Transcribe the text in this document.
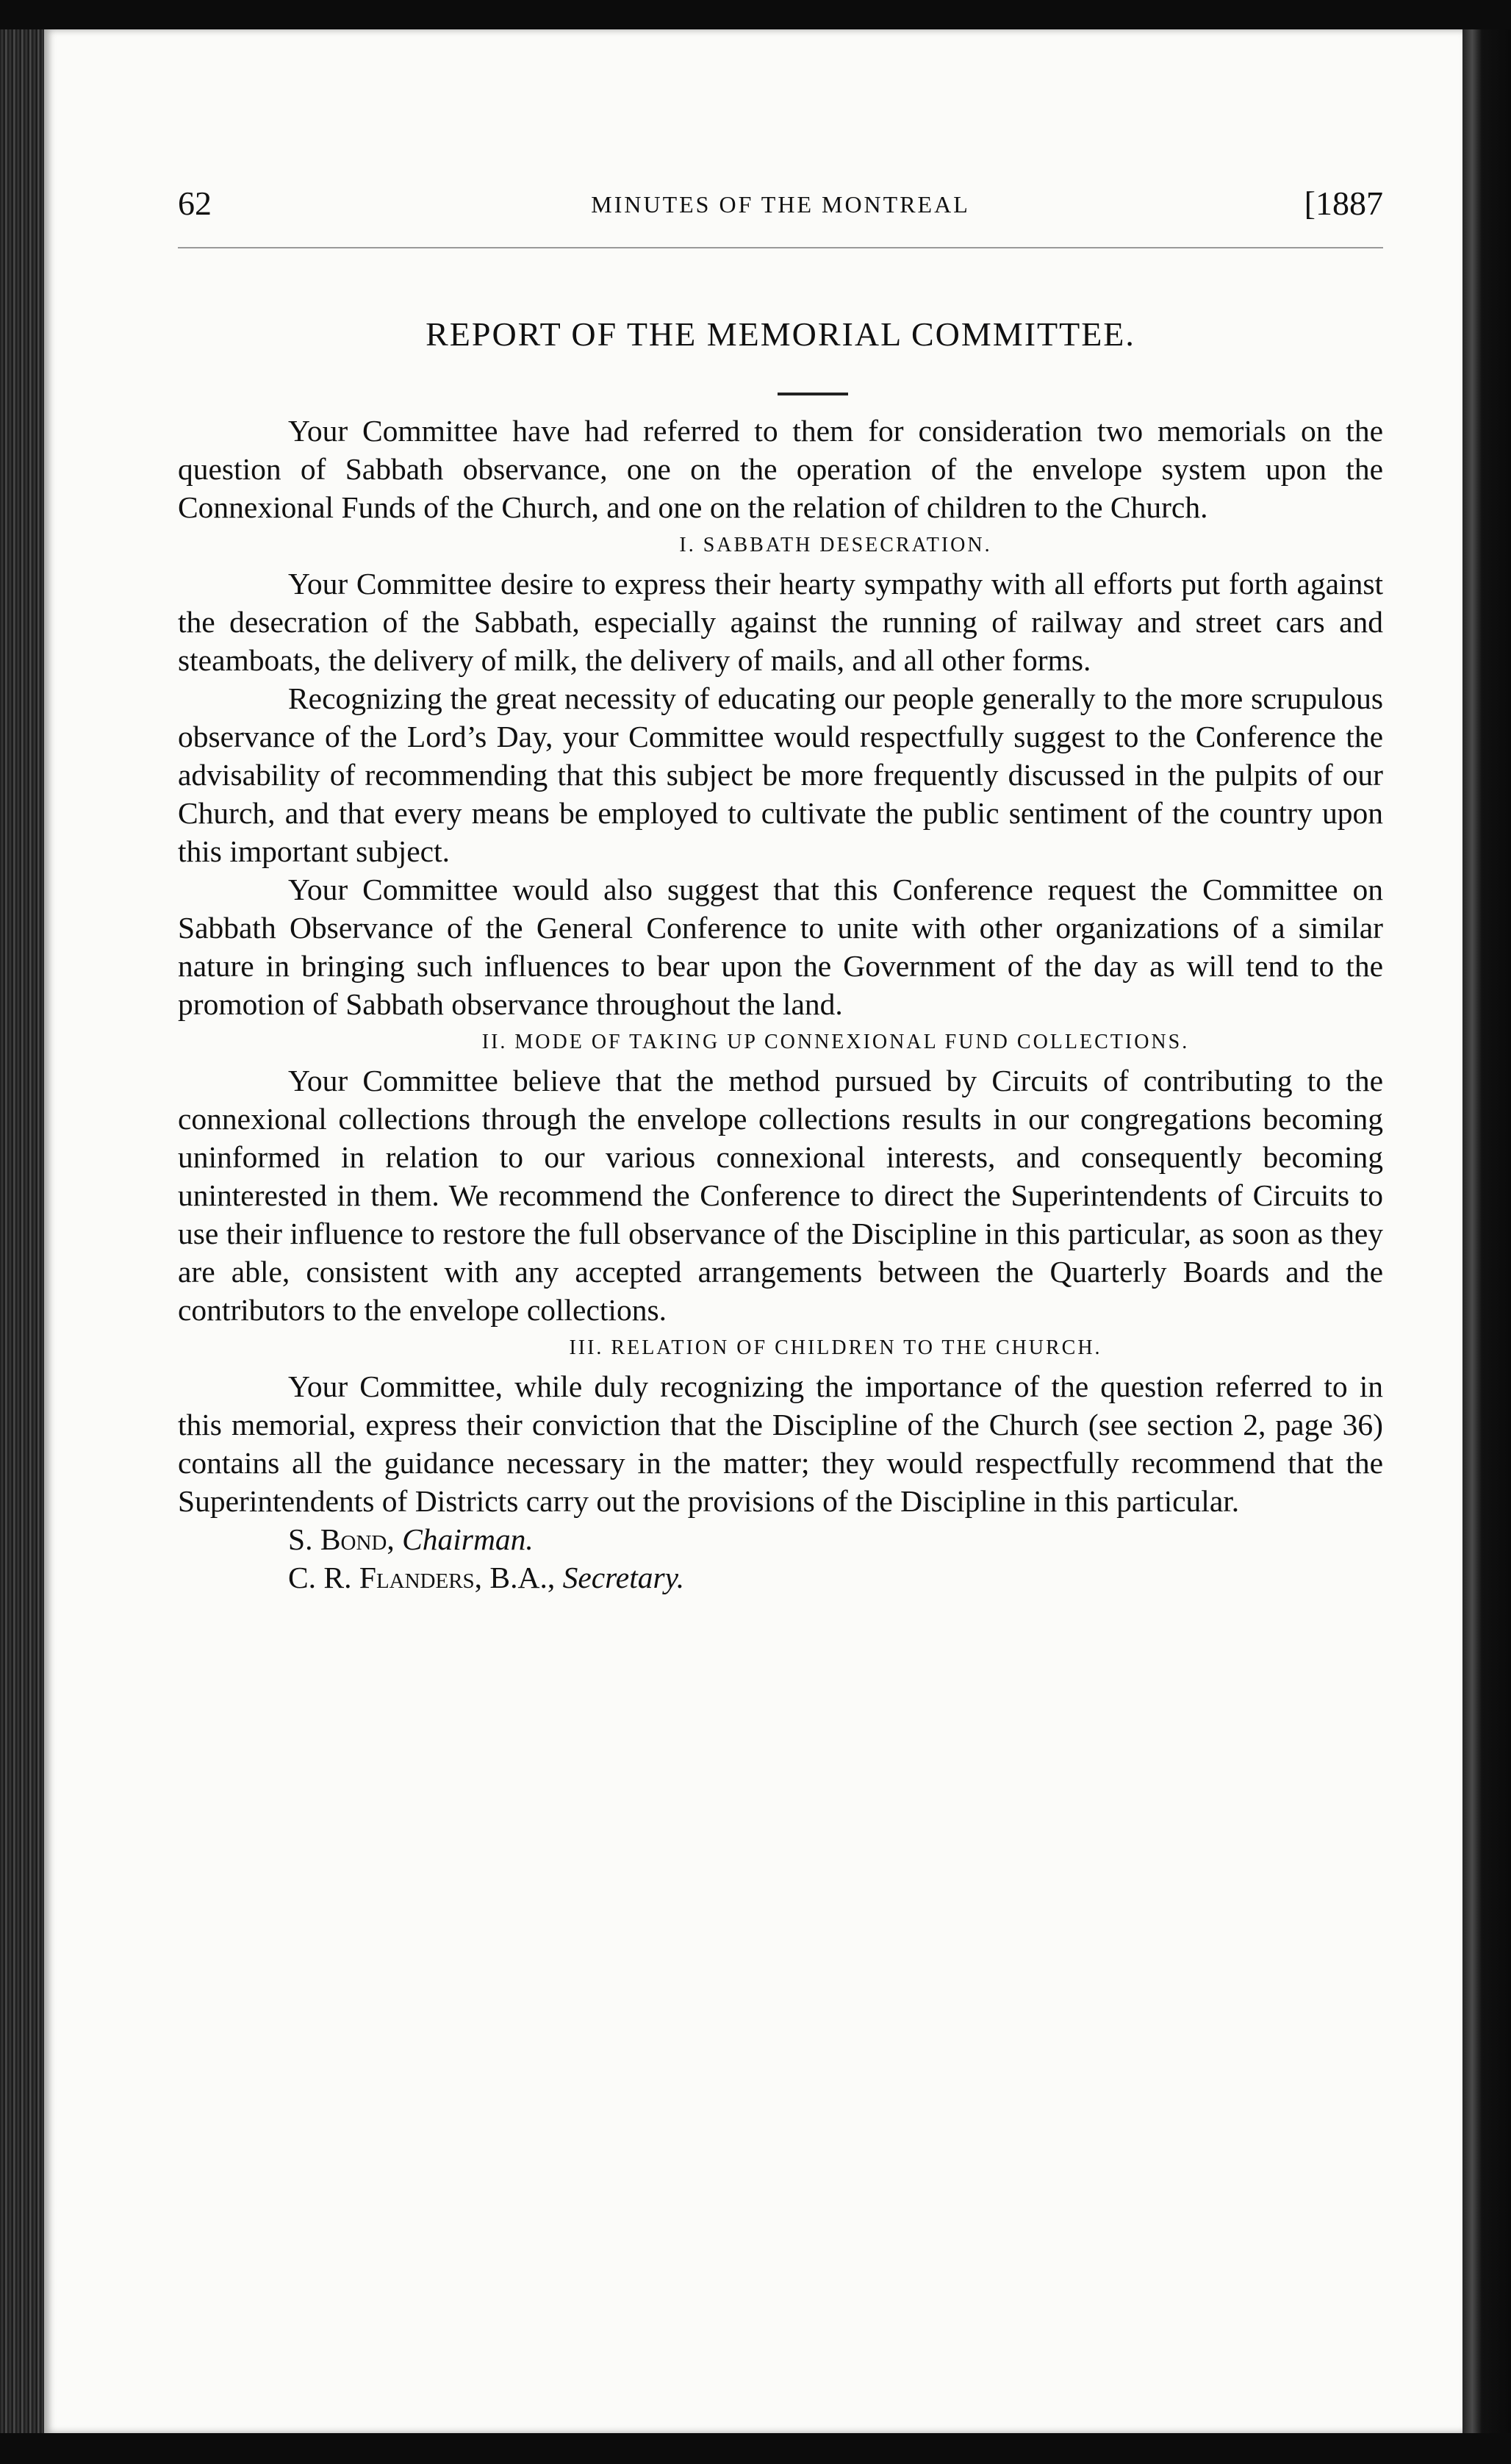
62	MINUTES OF THE MONTREAL	[1887
REPORT OF THE MEMORIAL COMMITTEE.

Your Committee have had referred to them for consideration two memorials on the question of Sabbath observance, one on the operation of the envelope system upon the Connexional Funds of the Church, and one on the relation of children to the Church.

I. SABBATH DESECRATION.

Your Committee desire to express their hearty sympathy with all efforts put forth against the desecration of the Sabbath, especially against the running of railway and street cars and steamboats, the delivery of milk, the delivery of mails, and all other forms.

Recognizing the great necessity of educating our people generally to the more scrupulous observance of the Lord’s Day, your Committee would respectfully suggest to the Conference the advisability of recommending that this subject be more frequently discussed in the pulpits of our Church, and that every means be employed to cultivate the public sentiment of the country upon this important subject.

Your Committee would also suggest that this Conference request the Committee on Sabbath Observance of the General Conference to unite with other organizations of a similar nature in bringing such influences to bear upon the Government of the day as will tend to the promotion of Sabbath observance throughout the land.

II. MODE OF TAKING UP CONNEXIONAL FUND COLLECTIONS.

Your Committee believe that the method pursued by Circuits of contributing to the connexional collections through the envelope collections results in our congregations becoming uninformed in relation to our various connexional interests, and consequently becoming uninterested in them. We recommend the Conference to direct the Superintendents of Circuits to use their influence to restore the full observance of the Discipline in this particular, as soon as they are able, consistent with any accepted arrangements between the Quarterly Boards and the contributors to the envelope collections.

III. RELATION OF CHILDREN TO THE CHURCH.

Your Committee, while duly recognizing the importance of the question referred to in this memorial, express their conviction that the Discipline of the Church (see section 2, page 36) contains all the guidance necessary in the matter; they would respectfully recommend that the Superintendents of Districts carry out the provisions of the Discipline in this particular.

S. Bond, Chairman.

C. R. Flanders, B.A., Secretary.
